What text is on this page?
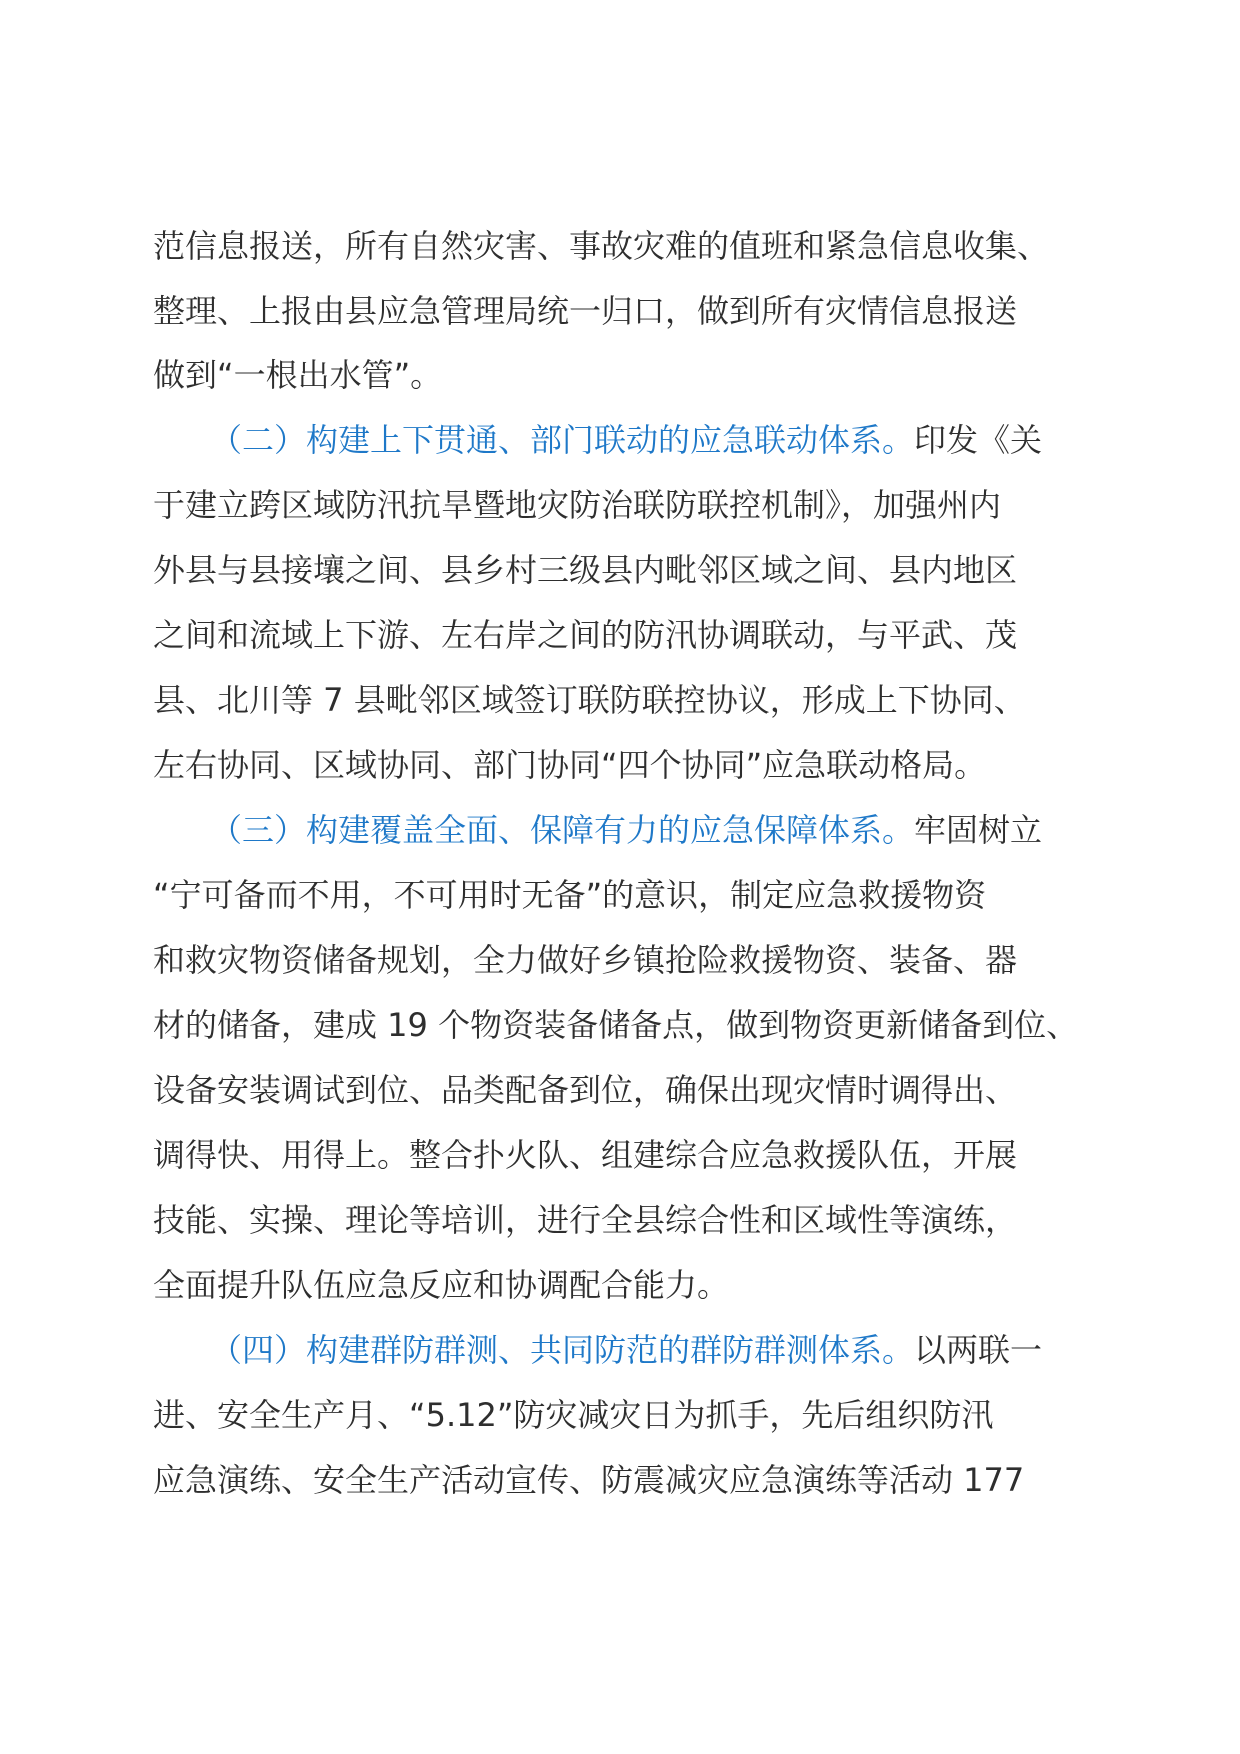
范信息报送，所有自然灾害、事故灾难的值班和紧急信息收集、
整理、上报由县应急管理局统一归口，做到所有灾情信息报送
做到“一根出水管”。
（二）构建上下贯通、部门联动的应急联动体系。印发《关
于建立跨区域防汛抗旱暨地灾防治联防联控机制》，加强州内
外县与县接壤之间、县乡村三级县内毗邻区域之间、县内地区
之间和流域上下游、左右岸之间的防汛协调联动，与平武、茂
县、北川等 7 县毗邻区域签订联防联控协议，形成上下协同、
左右协同、区域协同、部门协同“四个协同”应急联动格局。
（三）构建覆盖全面、保障有力的应急保障体系。牢固树立
“宁可备而不用，不可用时无备”的意识，制定应急救援物资
和救灾物资储备规划，全力做好乡镇抢险救援物资、装备、器
材的储备，建成 19 个物资装备储备点，做到物资更新储备到位、
设备安装调试到位、品类配备到位，确保出现灾情时调得出、
调得快、用得上。整合扑火队、组建综合应急救援队伍，开展
技能、实操、理论等培训，进行全县综合性和区域性等演练，
全面提升队伍应急反应和协调配合能力。
（四）构建群防群测、共同防范的群防群测体系。以两联一
进、安全生产月、“5.12”防灾减灾日为抓手，先后组织防汛
应急演练、安全生产活动宣传、防震减灾应急演练等活动 177
